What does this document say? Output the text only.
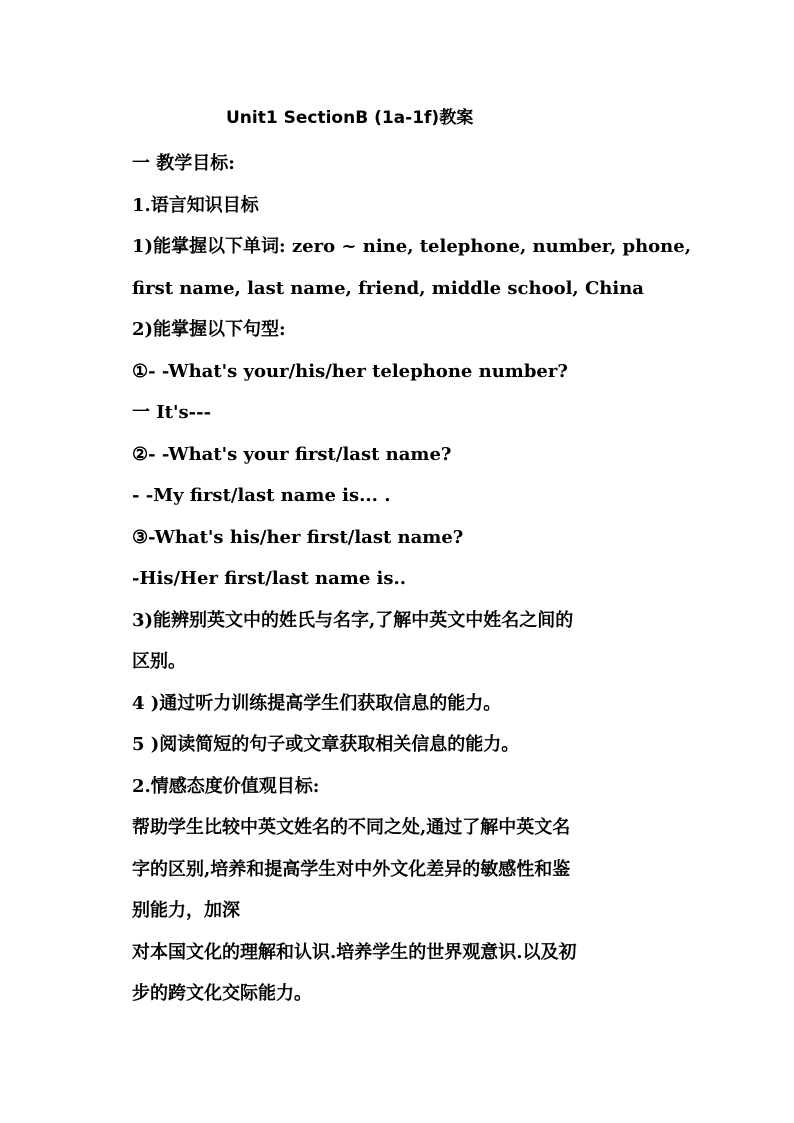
Unit1 SectionB (1a-1f)教案
一 教学目标:
1.语言知识目标
1)能掌握以下单词: zero ~ nine, telephone, number, phone,
first name, last name, friend, middle school, China
2)能掌握以下句型:
①- -What's your/his/her telephone number?
一 It's---
②- -What's your first/last name?
- -My first/last name is... .
③-What's his/her first/last name?
-His/Her first/last name is..
3)能辨别英文中的姓氏与名字,了解中英文中姓名之间的
区别。
4 )通过听力训练提高学生们获取信息的能力。
5 )阅读简短的句子或文章获取相关信息的能力。
2.情感态度价值观目标:
帮助学生比较中英文姓名的不同之处,通过了解中英文名
字的区别,培养和提高学生对中外文化差异的敏感性和鉴
别能力，加深
对本国文化的理解和认识.培养学生的世界观意识.以及初
步的跨文化交际能力。
